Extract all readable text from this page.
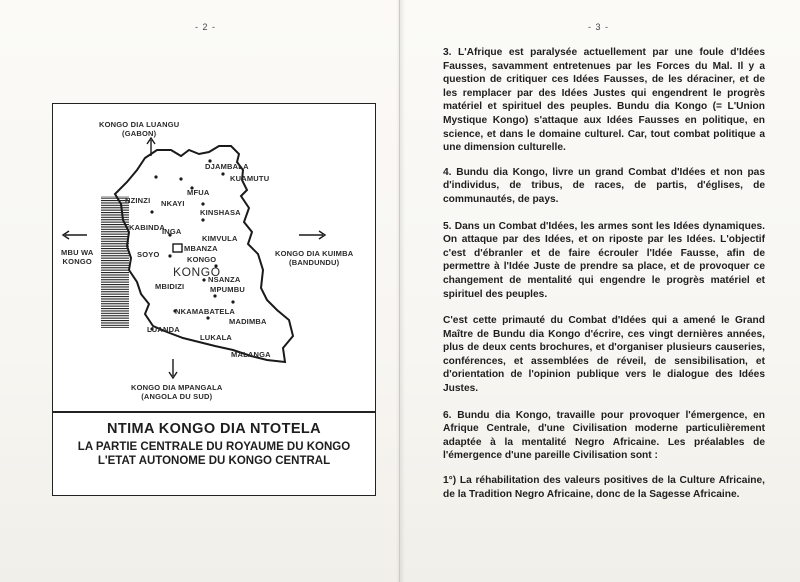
- 2 -	- 3 -
KONGO DIA LUANGU
(GABON)
MBU WA
KONGO
KONGO DIA KUIMBA
(BANDUNDU)
KONGO DIA MPANGALA
(ANGOLA DU SUD)
DJAMBALA
KUAMUTU
NZINZI
MFUA
NKAYI
KINSHASA
KABINDA
INGA
KIMVULA
SOYO
MBANZA
KONGO
KONGO
MBIDIZI
NSANZA
MPUMBU
NKAMABATELA
MADIMBA
LUANDA
LUKALA
MALANGA
NTIMA KONGO DIA NTOTELA
LA PARTIE CENTRALE DU ROYAUME DU KONGO
L'ETAT AUTONOME DU KONGO CENTRAL

3. L'Afrique est paralysée actuellement par une foule d'Idées Fausses, savamment entretenues par les Forces du Mal. Il y a question de critiquer ces Idées Fausses, de les déraciner, et de les remplacer par des Idées Justes qui engendrent le progrès matériel et spirituel des peuples. Bundu dia Kongo (= L'Union Mystique Kongo) s'attaque aux Idées Fausses en politique, en science, et dans le domaine culturel. Car, tout combat politique a une dimension culturelle.

4. Bundu dia Kongo, livre un grand Combat d'Idées et non pas d'individus, de tribus, de races, de partis, d'églises, de communautés, de pays.

5. Dans un Combat d'Idées, les armes sont les Idées dynamiques. On attaque par des Idées, et on riposte par les Idées. L'objectif c'est d'ébranler et de faire écrouler l'Idée Fausse, afin de permettre à l'Idée Juste de prendre sa place, et de provoquer ce changement de mentalité qui engendre le progrès matériel et spirituel des peuples.

C'est cette primauté du Combat d'Idées qui a amené le Grand Maître de Bundu dia Kongo d'écrire, ces vingt dernières années, plus de deux cents brochures, et d'organiser plusieurs causeries, conférences, et assemblées de réveil, de sensibilisation, et d'orientation de l'opinion publique vers le dialogue des Idées Justes.

6. Bundu dia Kongo, travaille pour provoquer l'émergence, en Afrique Centrale, d'une Civilisation moderne particulièrement adaptée à la mentalité Negro Africaine. Les préalables de l'émergence d'une pareille Civilisation sont :

1°) La réhabilitation des valeurs positives de la Culture Africaine, de la Tradition Negro Africaine, donc de la Sagesse Africaine.
